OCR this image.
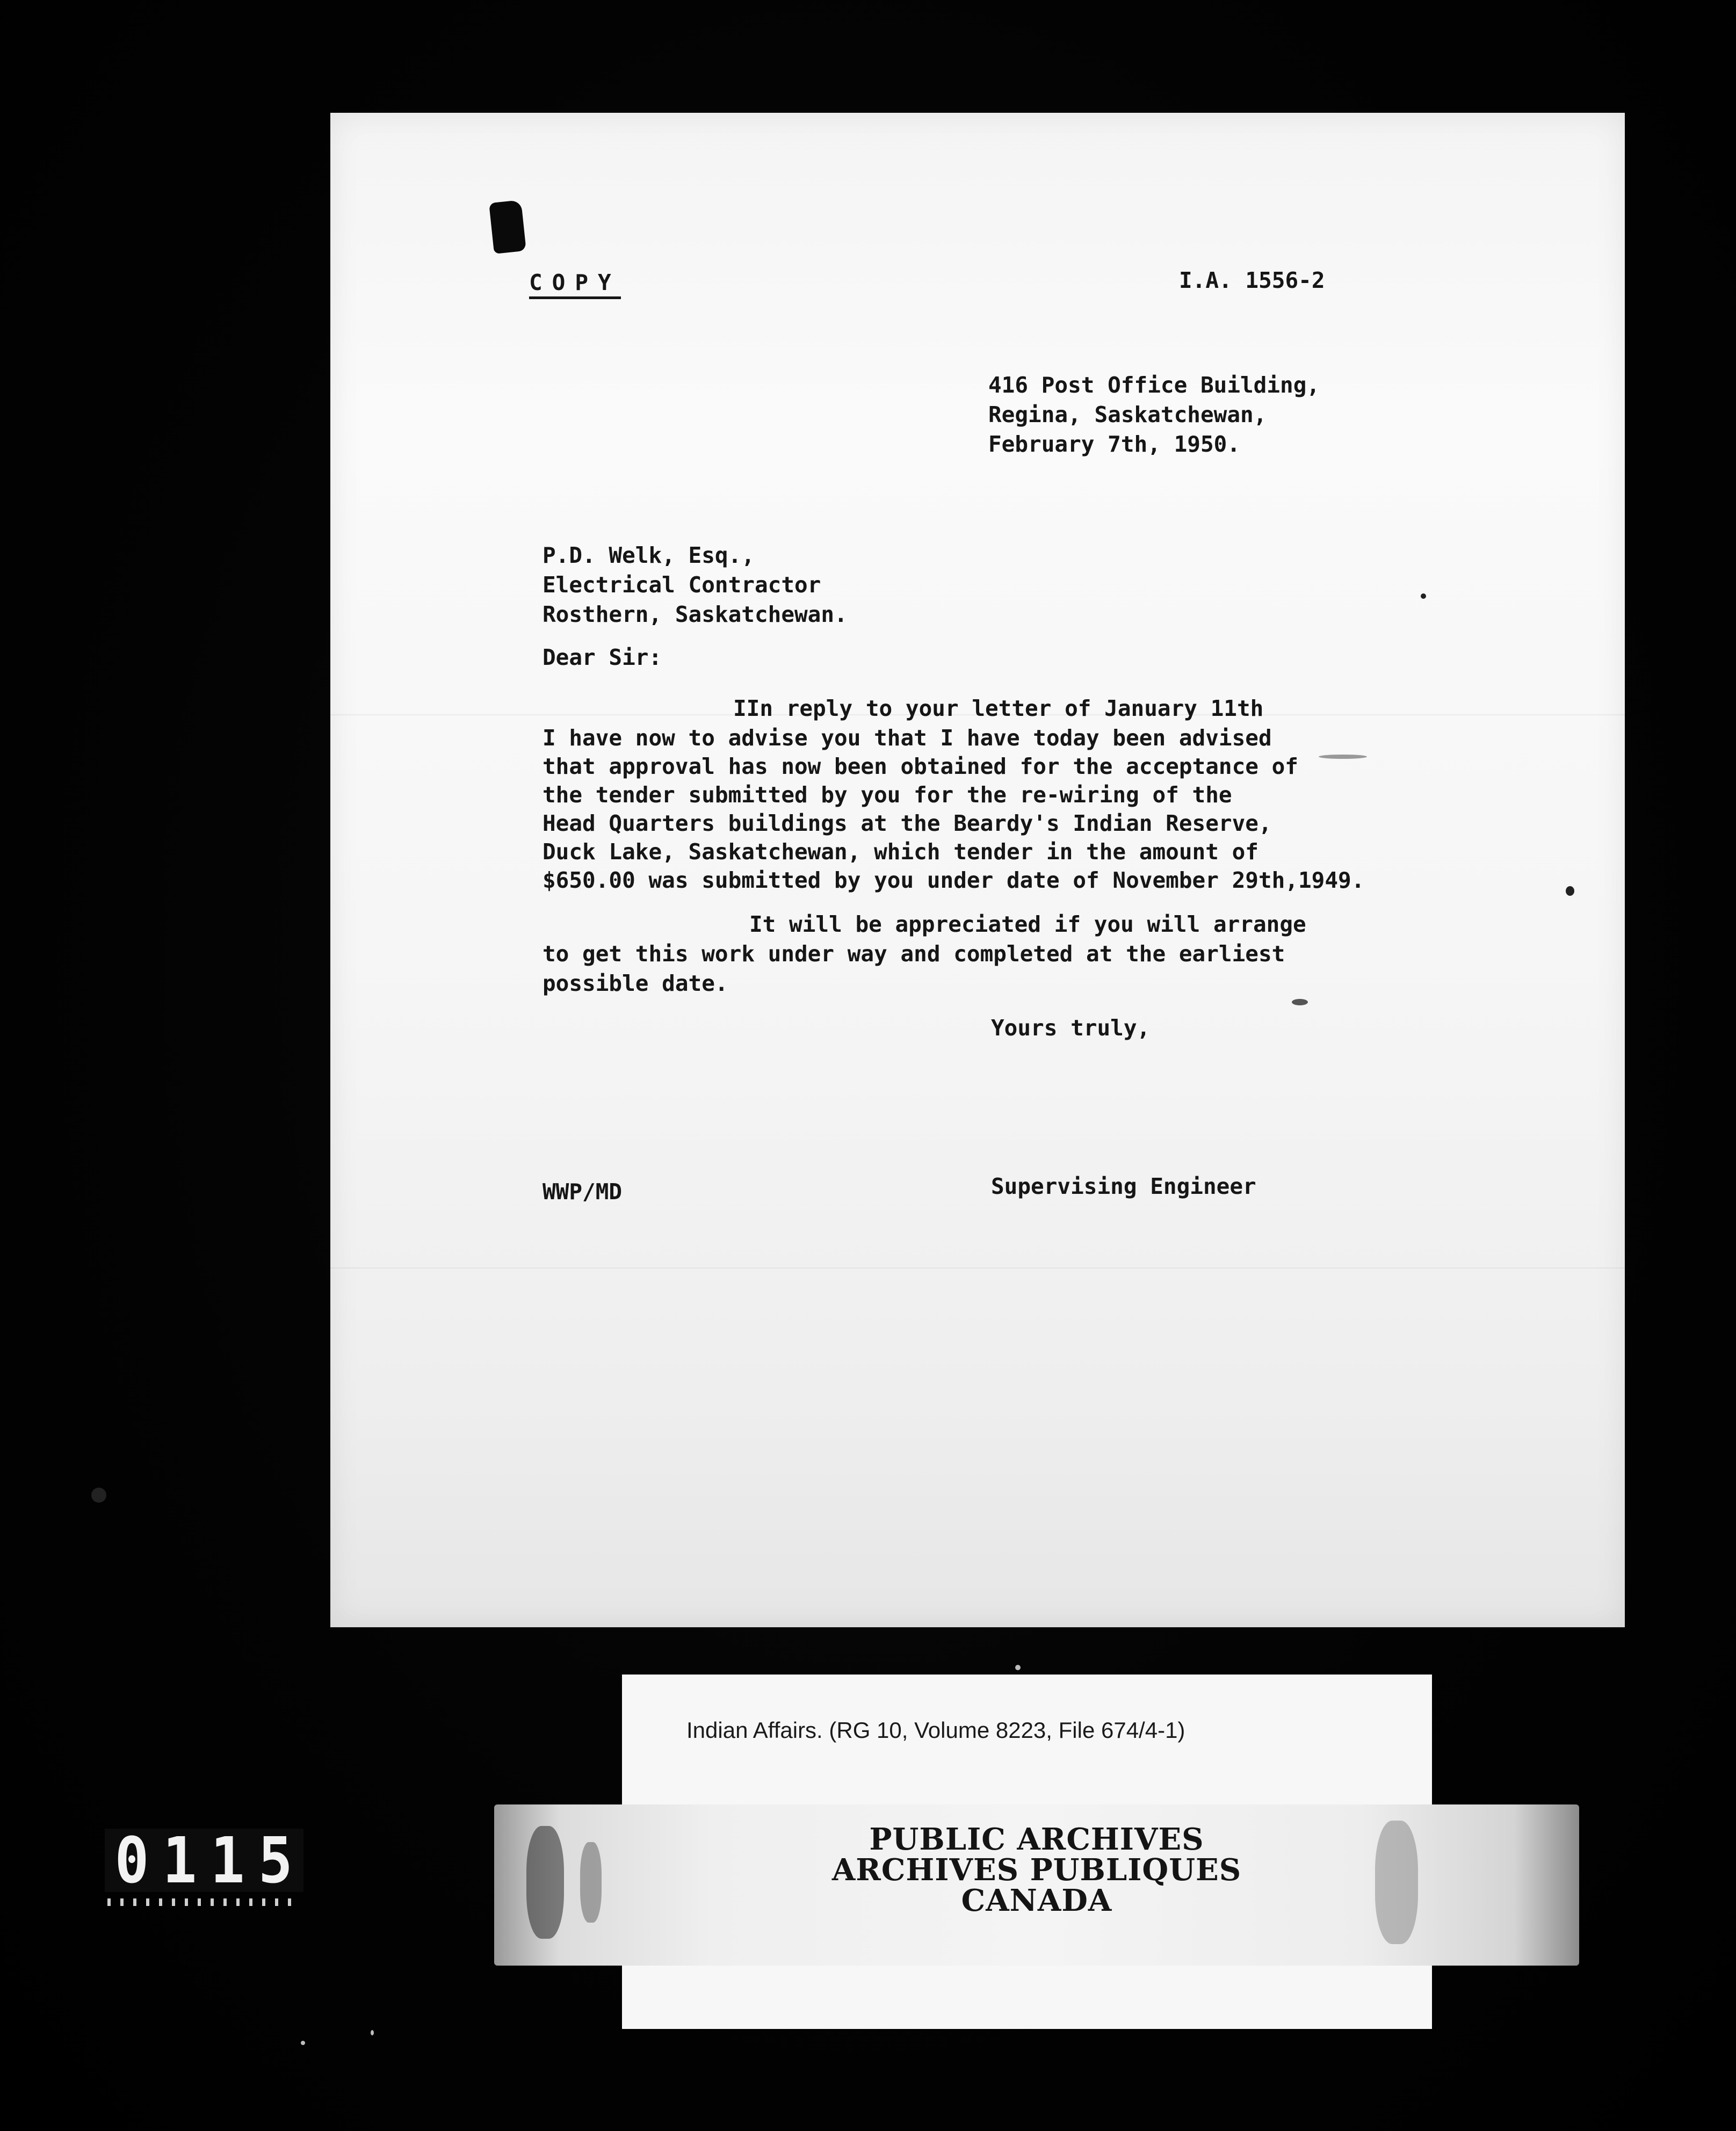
COPY	I.A. 1556-2
416 Post Office Building,
Regina, Saskatchewan,
February 7th, 1950.
P.D. Welk, Esq.,
Electrical Contractor
Rosthern, Saskatchewan.
Dear Sir:
IIn reply to your letter of January 11th
I have now to advise you that I have today been advised
that approval has now been obtained for the acceptance of
the tender submitted by you for the re-wiring of the
Head Quarters buildings at the Beardy's Indian Reserve,
Duck Lake, Saskatchewan, which tender in the amount of
$650.00 was submitted by you under date of November 29th,1949.
It will be appreciated if you will arrange
to get this work under way and completed at the earliest
possible date.
Yours truly,
WWP/MD	Supervising Engineer
Indian Affairs. (RG 10, Volume 8223, File 674/4-1)
PUBLIC ARCHIVES
ARCHIVES PUBLIQUES
CANADA
0115
